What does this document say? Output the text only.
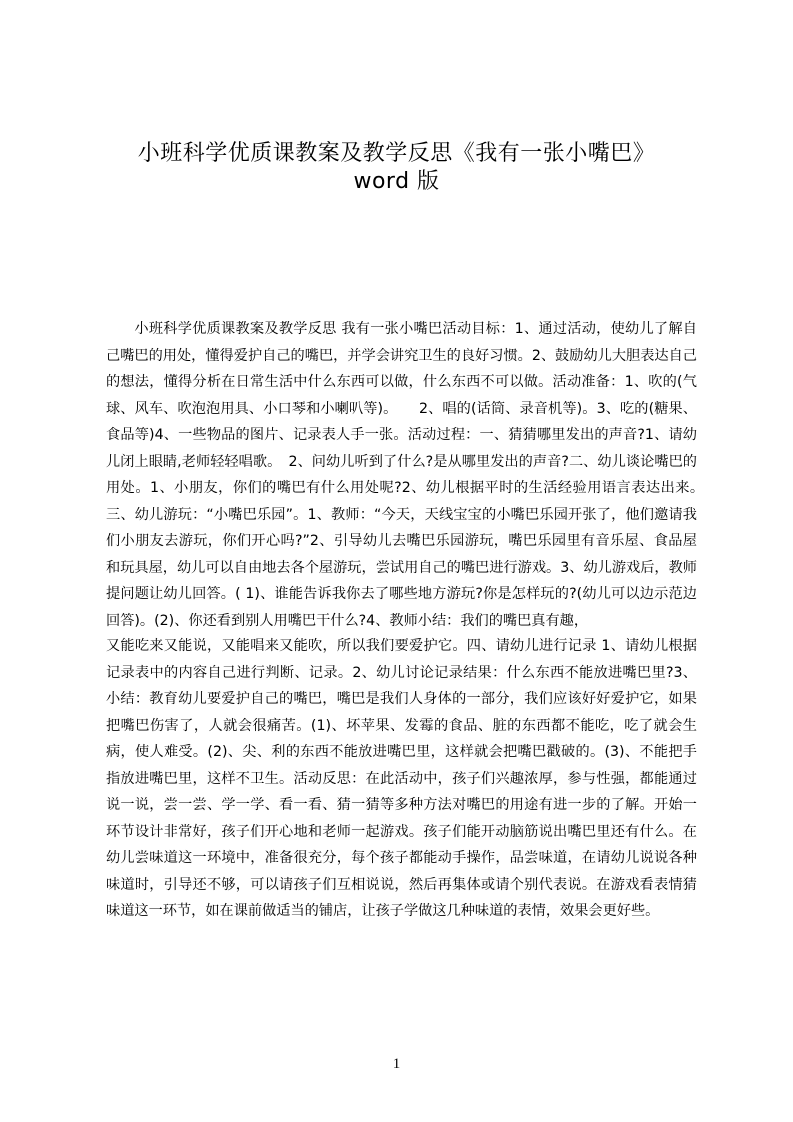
小班科学优质课教案及教学反思《我有一张小嘴巴》
word 版
小班科学优质课教案及教学反思 我有一张小嘴巴活动目标：1、通过活动，使幼儿了解自己嘴巴的用处，懂得爱护自己的嘴巴，并学会讲究卫生的良好习惯。2、鼓励幼儿大胆表达自己的想法，懂得分析在日常生活中什么东西可以做，什么东西不可以做。活动准备：1、吹的(气球、风车、吹泡泡用具、小口琴和小喇叭等)。　　2、唱的(话筒、录音机等)。3、吃的(糖果、食品等)4、一些物品的图片、记录表人手一张。活动过程：一、猜猜哪里发出的声音?1、请幼儿闭上眼睛,老师轻轻唱歌。　2、问幼儿听到了什么?是从哪里发出的声音?二、幼儿谈论嘴巴的用处。1、小朋友，你们的嘴巴有什么用处呢?2、幼儿根据平时的生活经验用语言表达出来。　三、幼儿游玩：“小嘴巴乐园”。1、教师：“今天，天线宝宝的小嘴巴乐园开张了，他们邀请我们小朋友去游玩，你们开心吗?”2、引导幼儿去嘴巴乐园游玩，嘴巴乐园里有音乐屋、食品屋和玩具屋，幼儿可以自由地去各个屋游玩，尝试用自己的嘴巴进行游戏。3、幼儿游戏后，教师提问题让幼儿回答。( 1)、谁能告诉我你去了哪些地方游玩?你是怎样玩的?(幼儿可以边示范边回答)。(2)、你还看到别人用嘴巴干什么?4、教师小结：我们的嘴巴真有趣，
又能吃来又能说，又能唱来又能吹，所以我们要爱护它。四、请幼儿进行记录 1、请幼儿根据记录表中的内容自己进行判断、记录。2、幼儿讨论记录结果：什么东西不能放进嘴巴里?3、小结：教育幼儿要爱护自己的嘴巴，嘴巴是我们人身体的一部分，我们应该好好爱护它，如果把嘴巴伤害了，人就会很痛苦。(1)、坏苹果、发霉的食品、脏的东西都不能吃，吃了就会生病，使人难受。(2)、尖、利的东西不能放进嘴巴里，这样就会把嘴巴戳破的。(3)、不能把手指放进嘴巴里，这样不卫生。活动反思：在此活动中，孩子们兴趣浓厚，参与性强，都能通过说一说，尝一尝、学一学、看一看、猜一猜等多种方法对嘴巴的用途有进一步的了解。开始一环节设计非常好，孩子们开心地和老师一起游戏。孩子们能开动脑筋说出嘴巴里还有什么。在幼儿尝味道这一环境中，准备很充分，每个孩子都能动手操作，品尝味道，在请幼儿说说各种味道时，引导还不够，可以请孩子们互相说说，然后再集体或请个别代表说。在游戏看表情猜味道这一环节，如在课前做适当的铺店，让孩子学做这几种味道的表情，效果会更好些。
1
